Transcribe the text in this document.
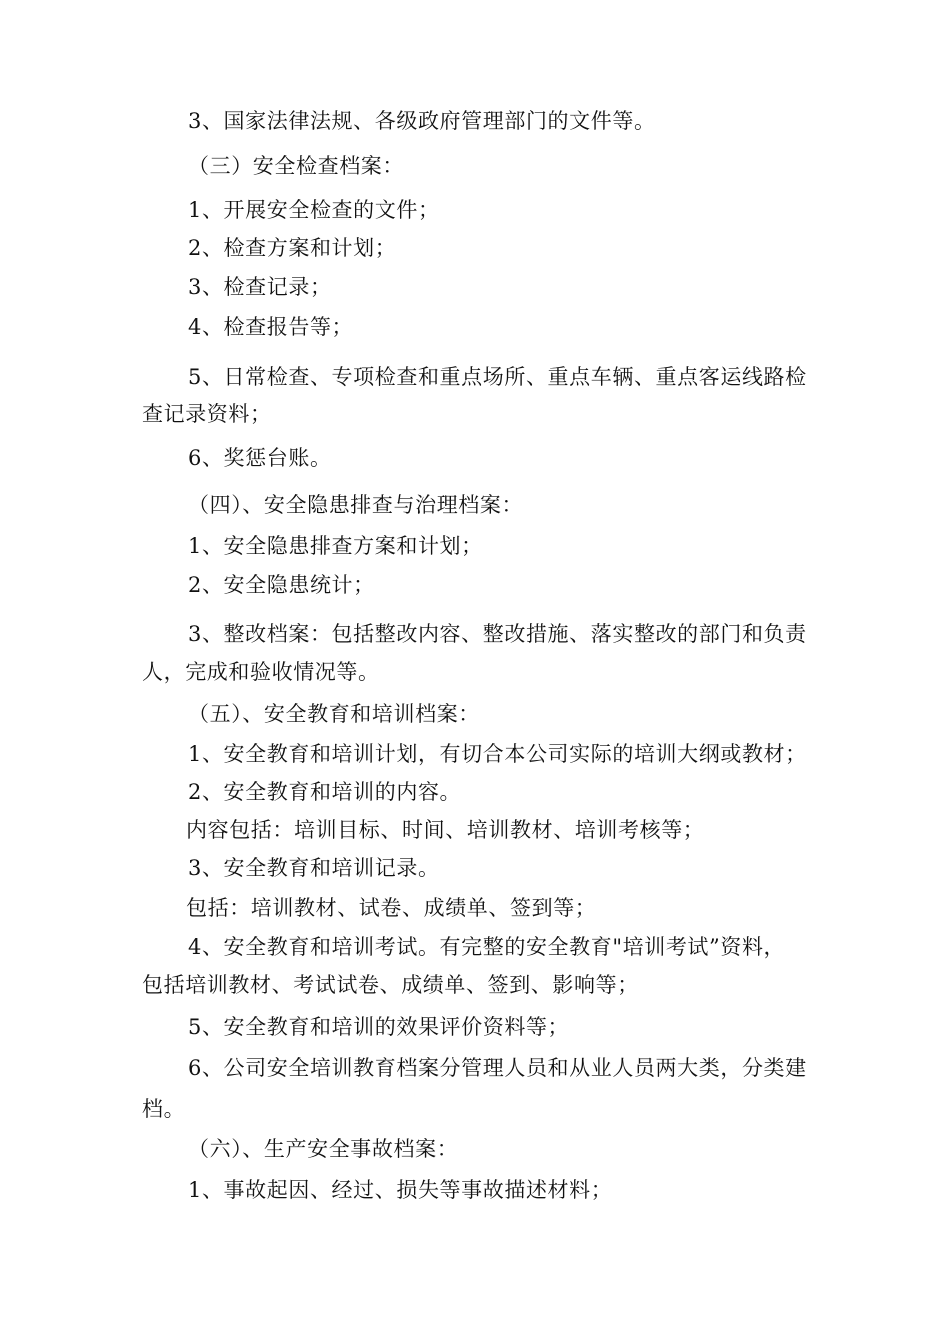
3、国家法律法规、各级政府管理部门的文件等。
（三）安全检查档案：
1、开展安全检查的文件；
2、检查方案和计划；
3、检查记录；
4、检查报告等；
5、日常检查、专项检查和重点场所、重点车辆、重点客运线路检
查记录资料；
6、奖惩台账。
（四）、安全隐患排查与治理档案：
1、安全隐患排查方案和计划；
2、安全隐患统计；
3、整改档案：包括整改内容、整改措施、落实整改的部门和负责
人，完成和验收情况等。
（五）、安全教育和培训档案：
1、安全教育和培训计划，有切合本公司实际的培训大纲或教材；
2、安全教育和培训的内容。
内容包括：培训目标、时间、培训教材、培训考核等；
3、安全教育和培训记录。
包括：培训教材、试卷、成绩单、签到等；
4、安全教育和培训考试。有完整的安全教育"培训考试”资料，
包括培训教材、考试试卷、成绩单、签到、影响等；
5、安全教育和培训的效果评价资料等；
6、公司安全培训教育档案分管理人员和从业人员两大类，分类建
档。
（六）、生产安全事故档案：
1、事故起因、经过、损失等事故描述材料；
